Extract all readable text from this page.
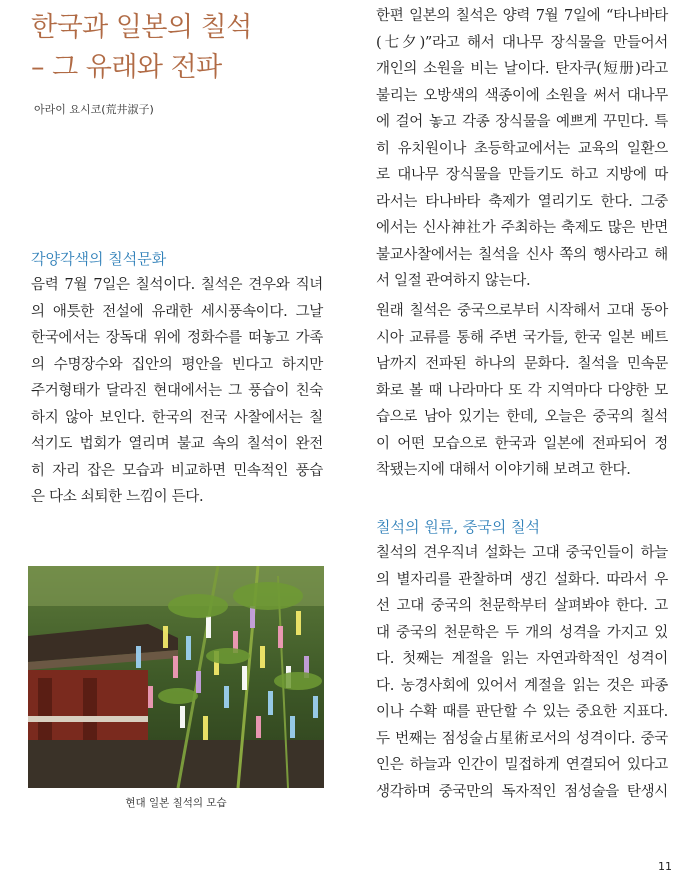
한국과 일본의 칠석
– 그 유래와 전파
아라이 요시코(荒井淑子)
각양각색의 칠석문화
음력 7월 7일은 칠석이다. 칠석은 견우와 직녀
의 애틋한 전설에 유래한 세시풍속이다. 그날
한국에서는 장독대 위에 정화수를 떠놓고 가족
의 수명장수와 집안의 평안을 빈다고 하지만
주거형태가 달라진 현대에서는 그 풍습이 친숙
하지 않아 보인다. 한국의 전국 사찰에서는 칠
석기도 법회가 열리며 불교 속의 칠석이 완전
히 자리 잡은 모습과 비교하면 민속적인 풍습
은 다소 쇠퇴한 느낌이 든다.
현대 일본 칠석의 모습
한편 일본의 칠석은 양력 7월 7일에 “타나바타
(七夕)”라고 해서 대나무 장식물을 만들어서
개인의 소원을 비는 날이다. 탄자쿠(短册)라고
불리는 오방색의 색종이에 소원을 써서 대나무
에 걸어 놓고 각종 장식물을 예쁘게 꾸민다. 특
히 유치원이나 초등학교에서는 교육의 일환으
로 대나무 장식물을 만들기도 하고 지방에 따
라서는 타나바타 축제가 열리기도 한다. 그중
에서는 신사神社가 주최하는 축제도 많은 반면
불교사찰에서는 칠석을 신사 쪽의 행사라고 해
서 일절 관여하지 않는다.
원래 칠석은 중국으로부터 시작해서 고대 동아
시아 교류를 통해 주변 국가들, 한국 일본 베트
남까지 전파된 하나의 문화다. 칠석을 민속문
화로 볼 때 나라마다 또 각 지역마다 다양한 모
습으로 남아 있기는 한데, 오늘은 중국의 칠석
이 어떤 모습으로 한국과 일본에 전파되어 정
착됐는지에 대해서 이야기해 보려고 한다.
칠석의 원류, 중국의 칠석
칠석의 견우직녀 설화는 고대 중국인들이 하늘
의 별자리를 관찰하며 생긴 설화다. 따라서 우
선 고대 중국의 천문학부터 살펴봐야 한다. 고
대 중국의 천문학은 두 개의 성격을 가지고 있
다. 첫째는 계절을 읽는 자연과학적인 성격이
다. 농경사회에 있어서 계절을 읽는 것은 파종
이나 수확 때를 판단할 수 있는 중요한 지표다.
두 번째는 점성술占星術로서의 성격이다. 중국
인은 하늘과 인간이 밀접하게 연결되어 있다고
생각하며 중국만의 독자적인 점성술을 탄생시
11
